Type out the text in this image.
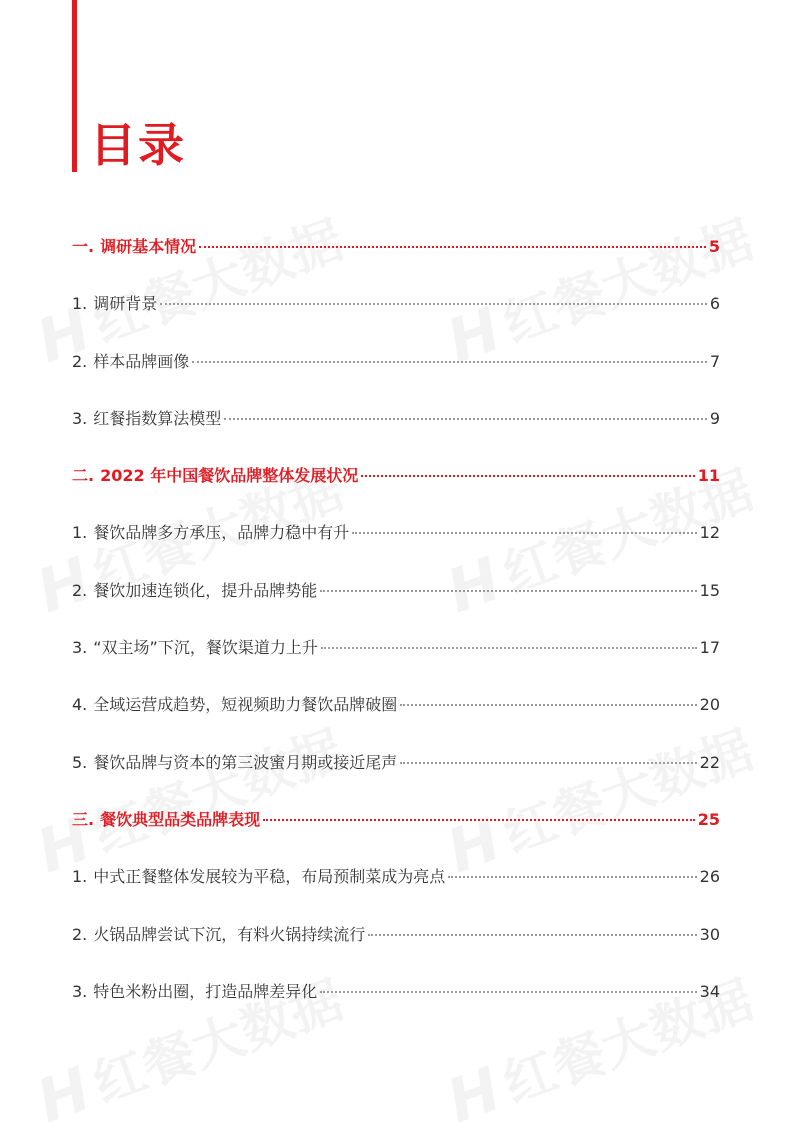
目录
一. 调研基本情况	5
1. 调研背景	6
2. 样本品牌画像	7
3. 红餐指数算法模型	9
二. 2022 年中国餐饮品牌整体发展状况	11
1. 餐饮品牌多方承压，品牌力稳中有升	12
2. 餐饮加速连锁化，提升品牌势能	15
3. “双主场”下沉，餐饮渠道力上升	17
4. 全域运营成趋势，短视频助力餐饮品牌破圈	20
5. 餐饮品牌与资本的第三波蜜月期或接近尾声	22
三. 餐饮典型品类品牌表现	25
1. 中式正餐整体发展较为平稳，布局预制菜成为亮点	26
2. 火锅品牌尝试下沉，有料火锅持续流行	30
3. 特色米粉出圈，打造品牌差异化	34
